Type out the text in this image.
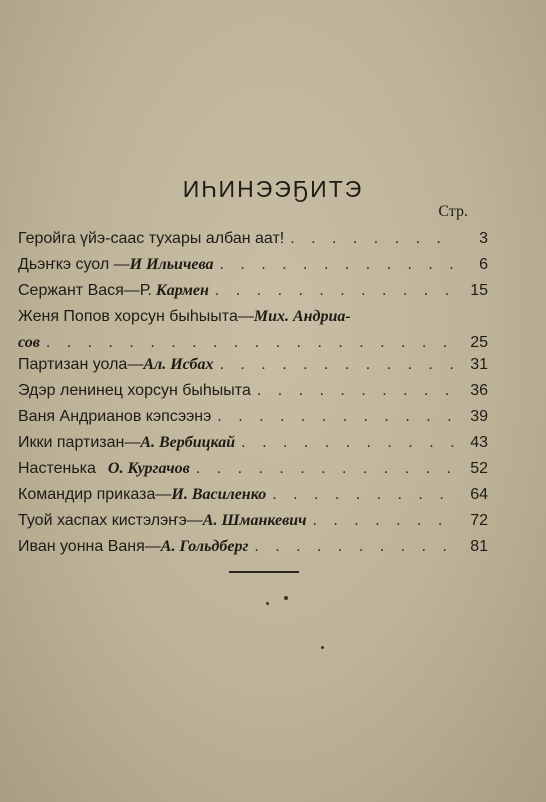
ИҺИНЭЭҔИТЭ
Стр.
Геройга үйэ-саас тухары албан аат! . . .	3
Дьэҥкэ суол — И Ильичева . . .	6
Сержант Вася—Р. Кармен . . .	15
Женя Попов хорсун быһыыта— Мих. Андриа-
сов . . .	25
Партизан уола— Ал. Исбах . . .	31
Эдэр ленинец хорсун быһыыта . . .	36
Ваня Андрианов кэпсээнэ . . .	39
Икки партизан— А. Вербицкай . . .	43
Настенька О. Кургачов . . .	52
Командир приказа— И. Василенко . . .	64
Туой хаспах кистэлэҥэ— А. Шманкевич . . .	72
Иван уонна Ваня— А. Гольдберг . . .	81
